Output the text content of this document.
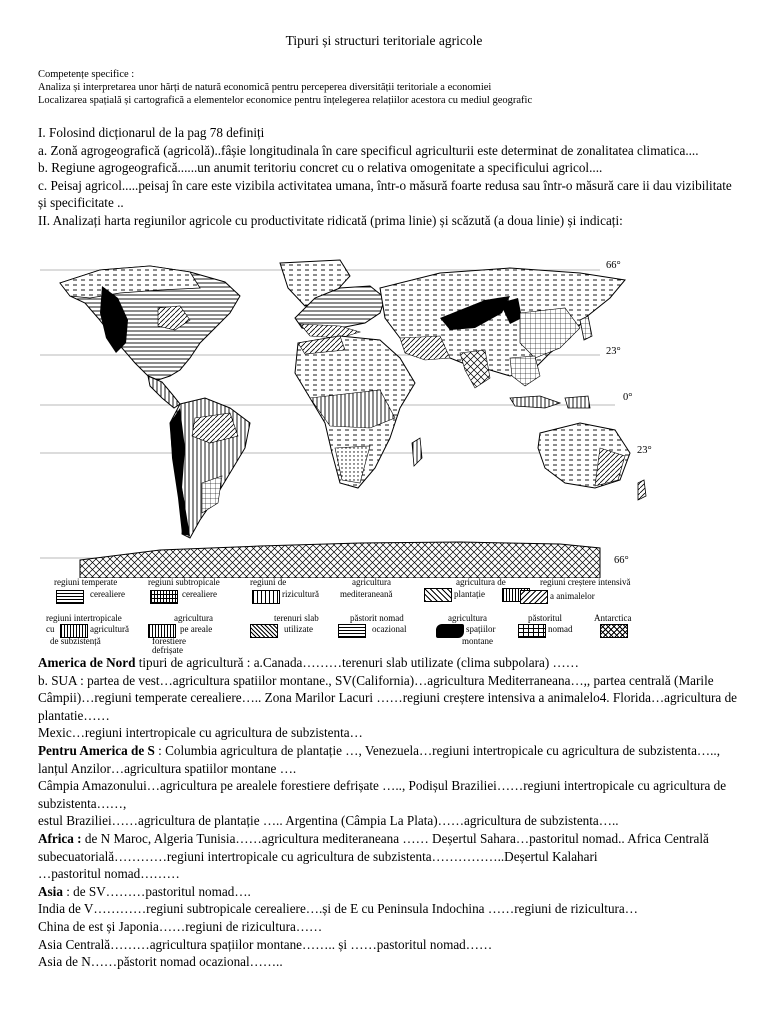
Tipuri și structuri teritoriale agricole
Competențe specifice :
Analiza și interpretarea unor hărți de natură economică pentru perceperea diversității teritoriale a economiei
Localizarea spațială și cartografică a elementelor economice pentru înțelegerea relațiilor acestora cu mediul geografic

I. Folosind dicționarul de la pag 78 definiți

a. Zonă agrogeografică (agricolă)..fâșie longitudinala în care specificul agriculturii este determinat de zonalitatea climatica....

b. Regiune agrogeografică......un anumit teritoriu concret cu o relativa omogenitate a specificului agricol....

c. Peisaj agricol.....peisaj în care este vizibila activitatea umana, într-o măsură foarte redusa sau într-o măsură care ii dau vizibilitate și specificitate ..

II. Analizați harta regiunilor agricole cu productivitate ridicată (prima linie) și scăzută (a doua linie) și indicați:

66°
23°
0°
23°
66°
regiuni temperate
cerealiere
regiuni subtropicale
cerealiere
regiuni de
rizicultură
agricultura
mediteraneană
agricultura de
plantație
regiuni creștere intensivă
a animalelor
regiuni intertropicale
cu	agricultură
de subzistență
agricultura
pe areale
forestiere defrișate
terenuri slab
utilizate
păstorit nomad
ocazional
agricultura
spațiilor
montane
păstoritul
nomad
Antarctica

America de Nord tipuri de agricultură : a.Canada………terenuri slab utilizate (clima subpolara) ……

b. SUA : partea de vest…agricultura spatiilor montane., SV(California)…agricultura Mediterraneana…,, partea centrală (Marile Câmpii)…regiuni temperate cerealiere….. Zona Marilor Lacuri ……regiuni creștere intensiva a animalelo4. Florida…agricultura de plantatie……

Mexic…regiuni intertropicale cu agricultura de subzistenta…

Pentru America de S : Columbia agricultura de plantație …, Venezuela…regiuni intertropicale cu agricultura de subzistenta….., lanțul Anzilor…agricultura spatiilor montane ….

Câmpia Amazonului…agricultura pe arealele forestiere defrișate ….., Podișul Braziliei……regiuni intertropicale cu agricultura de subzistenta……,

estul Braziliei……agricultura de plantație ….. Argentina (Câmpia La Plata)……agricultura de subzistenta…..

Africa : de N Maroc, Algeria Tunisia……agricultura mediteraneana …… Deșertul Sahara…pastoritul nomad.. Africa Centrală subecuatorială…………regiuni intertropicale cu agricultura de subzistenta……………..Deșertul Kalahari

…pastoritul nomad………

Asia : de SV………pastoritul nomad….

India de V…………regiuni subtropicale cerealiere….și de E cu Peninsula Indochina ……regiuni de rizicultura…

China de est și Japonia……regiuni de rizicultura……

Asia Centrală………agricultura spațiilor montane…….. și ……pastoritul nomad……

Asia de N……păstorit nomad ocazional……..
